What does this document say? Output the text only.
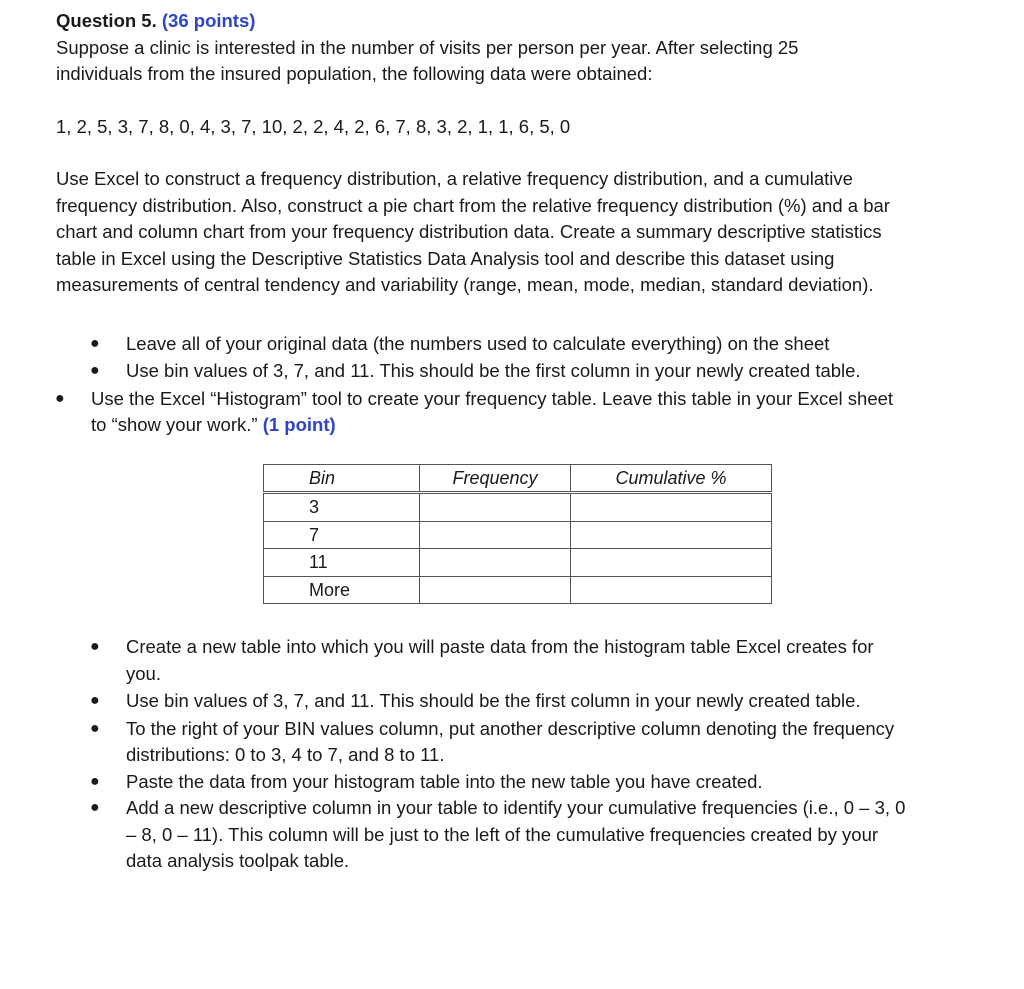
Question 5. (36 points)

Suppose a clinic is interested in the number of visits per person per year. After selecting 25 individuals from the insured population, the following data were obtained:

1, 2, 5, 3, 7, 8, 0, 4, 3, 7, 10, 2, 2, 4, 2, 6, 7, 8, 3, 2, 1, 1, 6, 5, 0

Use Excel to construct a frequency distribution, a relative frequency distribution, and a cumulative frequency distribution. Also, construct a pie chart from the relative frequency distribution (%) and a bar chart and column chart from your frequency distribution data. Create a summary descriptive statistics table in Excel using the Descriptive Statistics Data Analysis tool and describe this dataset using measurements of central tendency and variability (range, mean, mode, median, standard deviation).

● Leave all of your original data (the numbers used to calculate everything) on the sheet
● Use bin values of 3, 7, and 11. This should be the first column in your newly created table.
● Use the Excel “Histogram” tool to create your frequency table. Leave this table in your Excel sheet to “show your work.” (1 point)
Bin	Frequency	Cumulative %
3		
7		
11		
More		
● Create a new table into which you will paste data from the histogram table Excel creates for you.
● Use bin values of 3, 7, and 11. This should be the first column in your newly created table.
● To the right of your BIN values column, put another descriptive column denoting the frequency distributions: 0 to 3, 4 to 7, and 8 to 11.
● Paste the data from your histogram table into the new table you have created.
● Add a new descriptive column in your table to identify your cumulative frequencies (i.e., 0 – 3, 0 – 8, 0 – 11). This column will be just to the left of the cumulative frequencies created by your data analysis toolpak table.
